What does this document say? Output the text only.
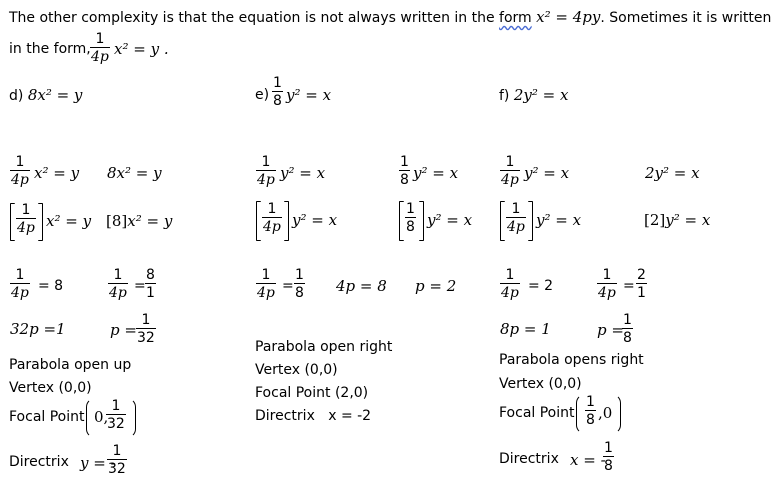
The other complexity is that the equation is not always written in the form x² = 4py. Sometimes it is written
in the form, $\frac{1}{4p} x^2 = y$ .
d) 8x² = y	$e) \frac{1}{8} y^2 = x$	f) 2y² = x
$\frac{1}{4p} x^2 = y$ 8x² = y
$\frac{1}{4p} x^2 = y$ [8]x² = y
$\frac{1}{4p} = 8$	$\frac{1}{4p} = \frac{8}{1}$
32p =1	$p = \frac{1}{32}$
Parabola open up
Vertex (0,0)
Focal Point 0,
$\frac{1}{32}$
Directrix y = -
$\frac{1}{32}$
$\frac{1}{4p} y^2 = x$	$\frac{1}{8} y^2 = x$
$\frac{1}{4p} y^2 = x$	$\frac{1}{8} y^2 = x$
$\frac{1}{4p} = \frac{1}{8} 4p = 8$ p = 2
Parabola open right
Vertex (0,0)
Focal Point (2,0)
Directrix x = -2
$\frac{1}{4p} y^2 = x$	2y² = x
$\frac{1}{4p} y^2 = x$	[2]y² = x
$\frac{1}{4p} = 2$	$\frac{1}{4p} = \frac{2}{1}$
8p = 1	p =
$\frac{1}{8}$
Parabola opens right
Vertex (0,0)
Focal Point $\frac{1}{8} ,0$
Directrix x = -
$\frac{1}{8}$
